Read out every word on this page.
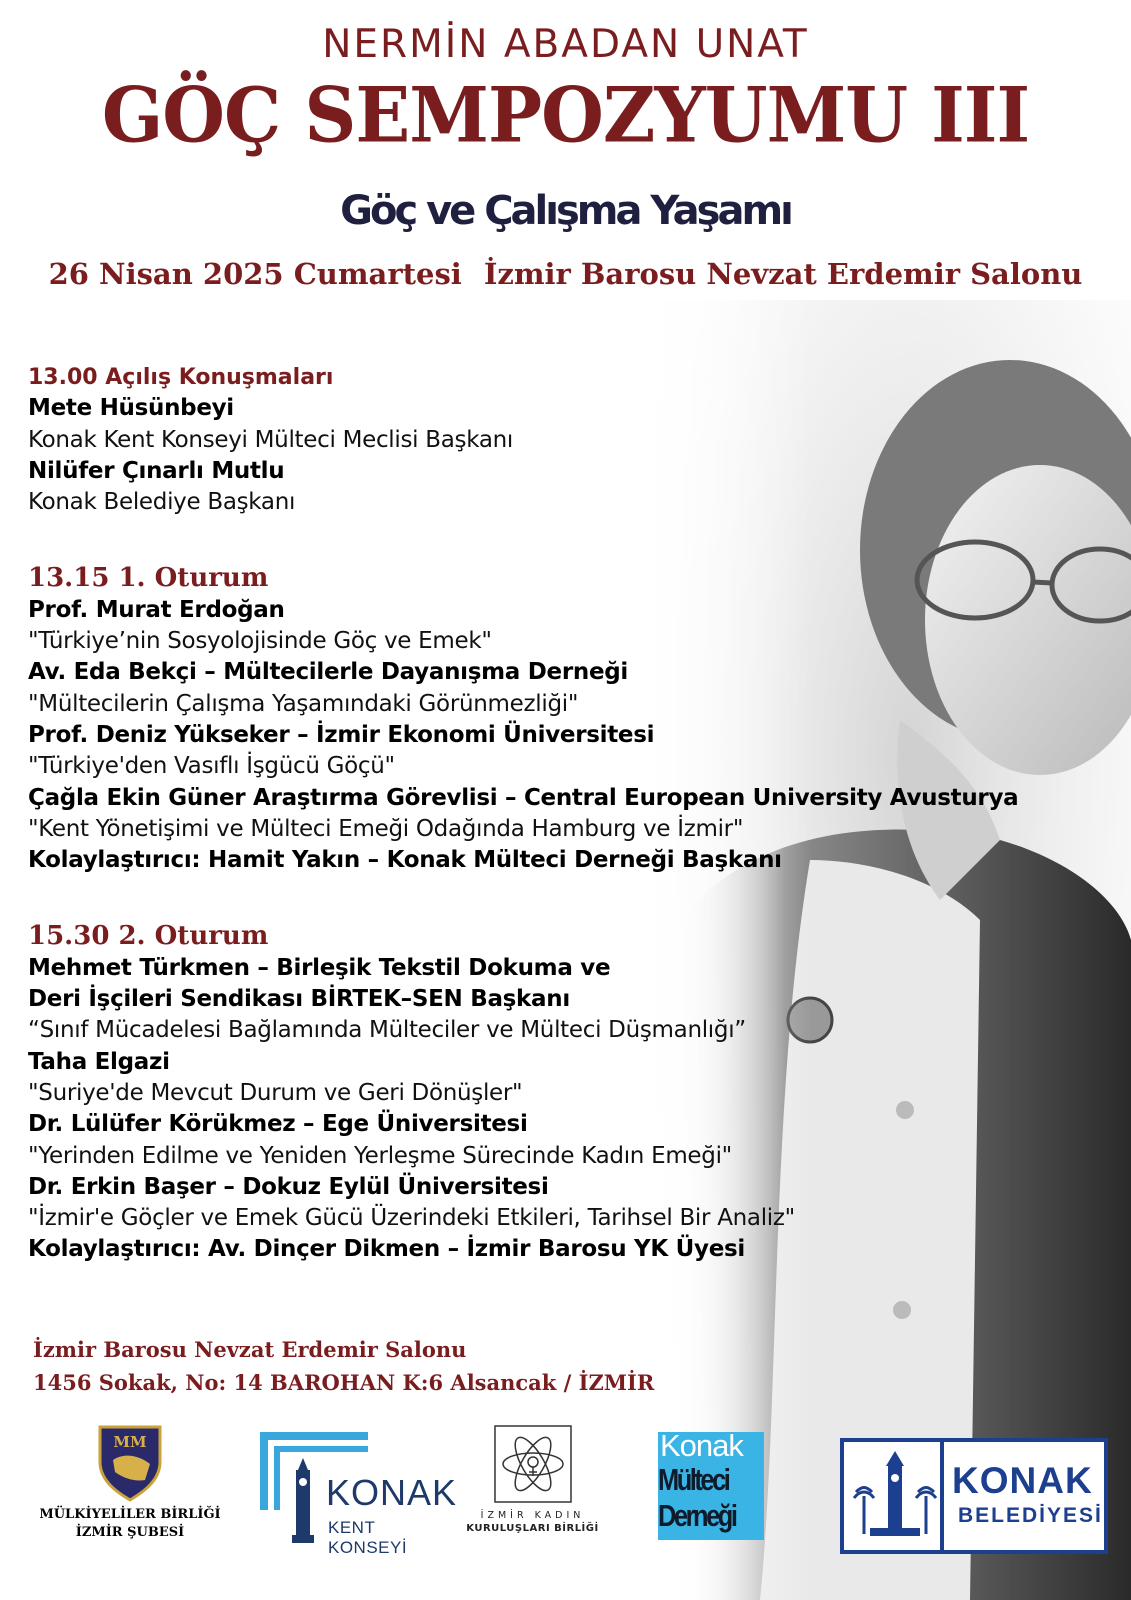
NERMİN ABADAN UNAT
GÖÇ SEMPOZYUMU III
Göç ve Çalışma Yaşamı
26 Nisan 2025 Cumartesi İzmir Barosu Nevzat Erdemir Salonu
13.00 Açılış Konuşmaları
Mete Hüsünbeyi
Konak Kent Konseyi Mülteci Meclisi Başkanı
Nilüfer Çınarlı Mutlu
Konak Belediye Başkanı
13.15 1. Oturum
Prof. Murat Erdoğan
"Türkiye’nin Sosyolojisinde Göç ve Emek"
Av. Eda Bekçi – Mültecilerle Dayanışma Derneği
"Mültecilerin Çalışma Yaşamındaki Görünmezliği"
Prof. Deniz Yükseker – İzmir Ekonomi Üniversitesi
"Türkiye'den Vasıflı İşgücü Göçü"
Çağla Ekin Güner Araştırma Görevlisi – Central European University Avusturya
"Kent Yönetişimi ve Mülteci Emeği Odağında Hamburg ve İzmir"
Kolaylaştırıcı: Hamit Yakın – Konak Mülteci Derneği Başkanı
15.30 2. Oturum
Mehmet Türkmen – Birleşik Tekstil Dokuma ve
Deri İşçileri Sendikası BİRTEK–SEN Başkanı
“Sınıf Mücadelesi Bağlamında Mülteciler ve Mülteci Düşmanlığı”
Taha Elgazi
"Suriye'de Mevcut Durum ve Geri Dönüşler"
Dr. Lülüfer Körükmez – Ege Üniversitesi
"Yerinden Edilme ve Yeniden Yerleşme Sürecinde Kadın Emeği"
Dr. Erkin Başer – Dokuz Eylül Üniversitesi
"İzmir'e Göçler ve Emek Gücü Üzerindeki Etkileri, Tarihsel Bir Analiz"
Kolaylaştırıcı: Av. Dinçer Dikmen – İzmir Barosu YK Üyesi
İzmir Barosu Nevzat Erdemir Salonu
1456 Sokak, No: 14 BAROHAN K:6 Alsancak / İZMİR
MM
MÜLKİYELİLER BİRLİĞİ
İZMİR ŞUBESİ
KONAK
KENT KONSEYİ
İZMİR KADIN
KURULUŞLARI BİRLİĞİ
Konak
Mülteci
Derneği
KONAK
BELEDİYESİ
